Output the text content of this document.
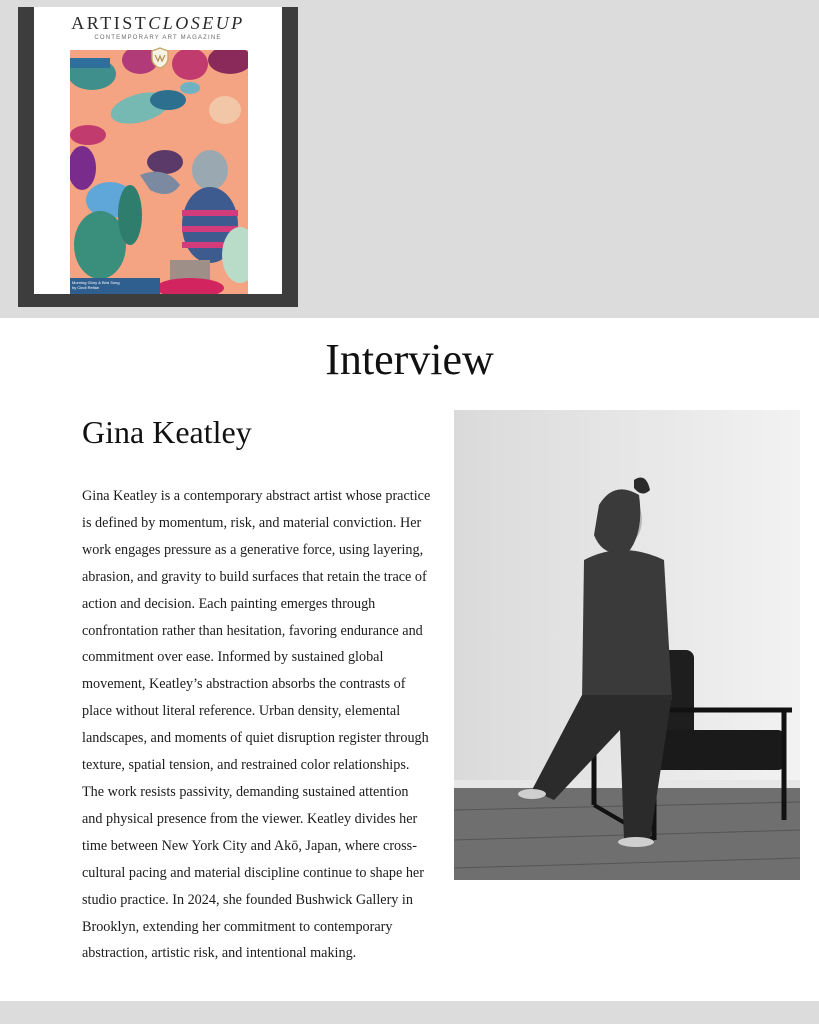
ARTISTCLOSEUP
CONTEMPORARY ART MAGAZINE
Morning Glory & Bird Song
by Cindi Reflan
Interview
Gina Keatley

Gina Keatley is a contemporary abstract artist whose practice is defined by momentum, risk, and material conviction. Her work engages pressure as a generative force, using layering, abrasion, and gravity to build surfaces that retain the trace of action and decision. Each painting emerges through confrontation rather than hesitation, favoring endurance and commitment over ease. Informed by sustained global movement, Keatley’s abstraction absorbs the contrasts of place without literal reference. Urban density, elemental landscapes, and moments of quiet disruption register through texture, spatial tension, and restrained color relationships. The work resists passivity, demanding sustained attention and physical presence from the viewer. Keatley divides her time between New York City and Akō, Japan, where cross-cultural pacing and material discipline continue to shape her studio practice. In 2024, she founded Bushwick Gallery in Brooklyn, extending her commitment to contemporary abstraction, artistic risk, and intentional making.
